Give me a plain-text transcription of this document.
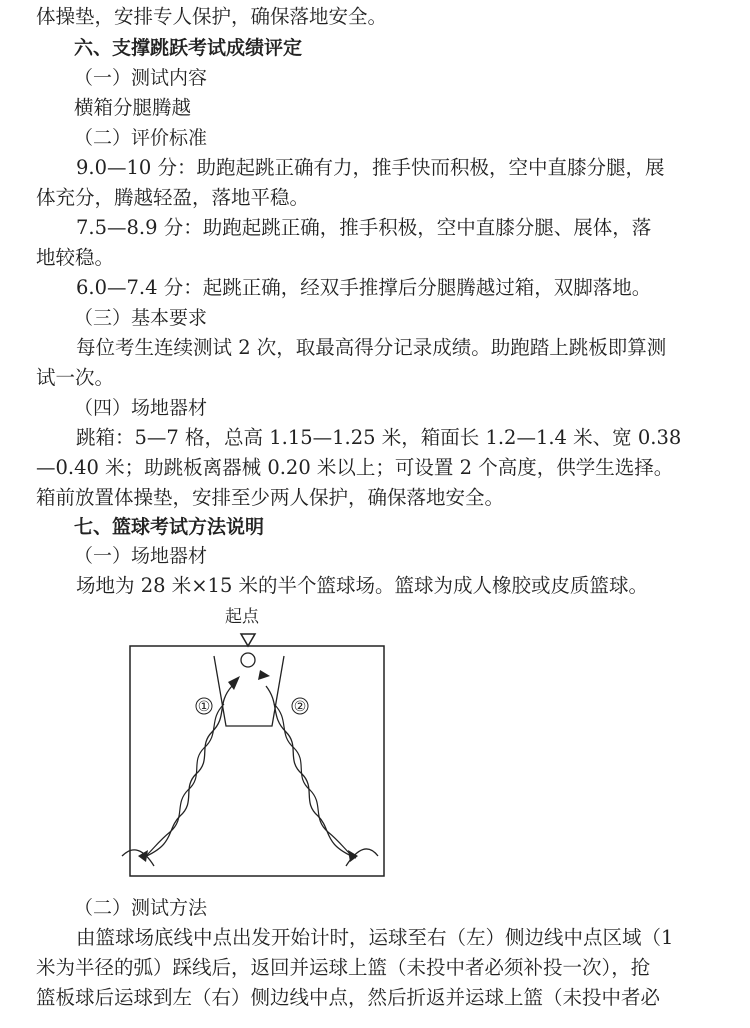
体操垫，安排专人保护，确保落地安全。
六、支撑跳跃考试成绩评定
（一）测试内容
横箱分腿腾越
（二）评价标准
9.0—10 分：助跑起跳正确有力，推手快而积极，空中直膝分腿，展
体充分，腾越轻盈，落地平稳。
7.5—8.9 分：助跑起跳正确，推手积极，空中直膝分腿、展体，落
地较稳。
6.0—7.4 分：起跳正确，经双手推撑后分腿腾越过箱，双脚落地。
（三）基本要求
每位考生连续测试 2 次，取最高得分记录成绩。助跑踏上跳板即算测
试一次。
（四）场地器材
跳箱：5—7 格，总高 1.15—1.25 米，箱面长 1.2—1.4 米、宽 0.38
—0.40 米；助跳板离器械 0.20 米以上；可设置 2 个高度，供学生选择。
箱前放置体操垫，安排至少两人保护，确保落地安全。
七、篮球考试方法说明
（一）场地器材
场地为 28 米×15 米的半个篮球场。篮球为成人橡胶或皮质篮球。
起点
①	②
（二）测试方法
由篮球场底线中点出发开始计时，运球至右（左）侧边线中点区域（1
米为半径的弧）踩线后，返回并运球上篮（未投中者必须补投一次），抢
篮板球后运球到左（右）侧边线中点，然后折返并运球上篮（未投中者必
